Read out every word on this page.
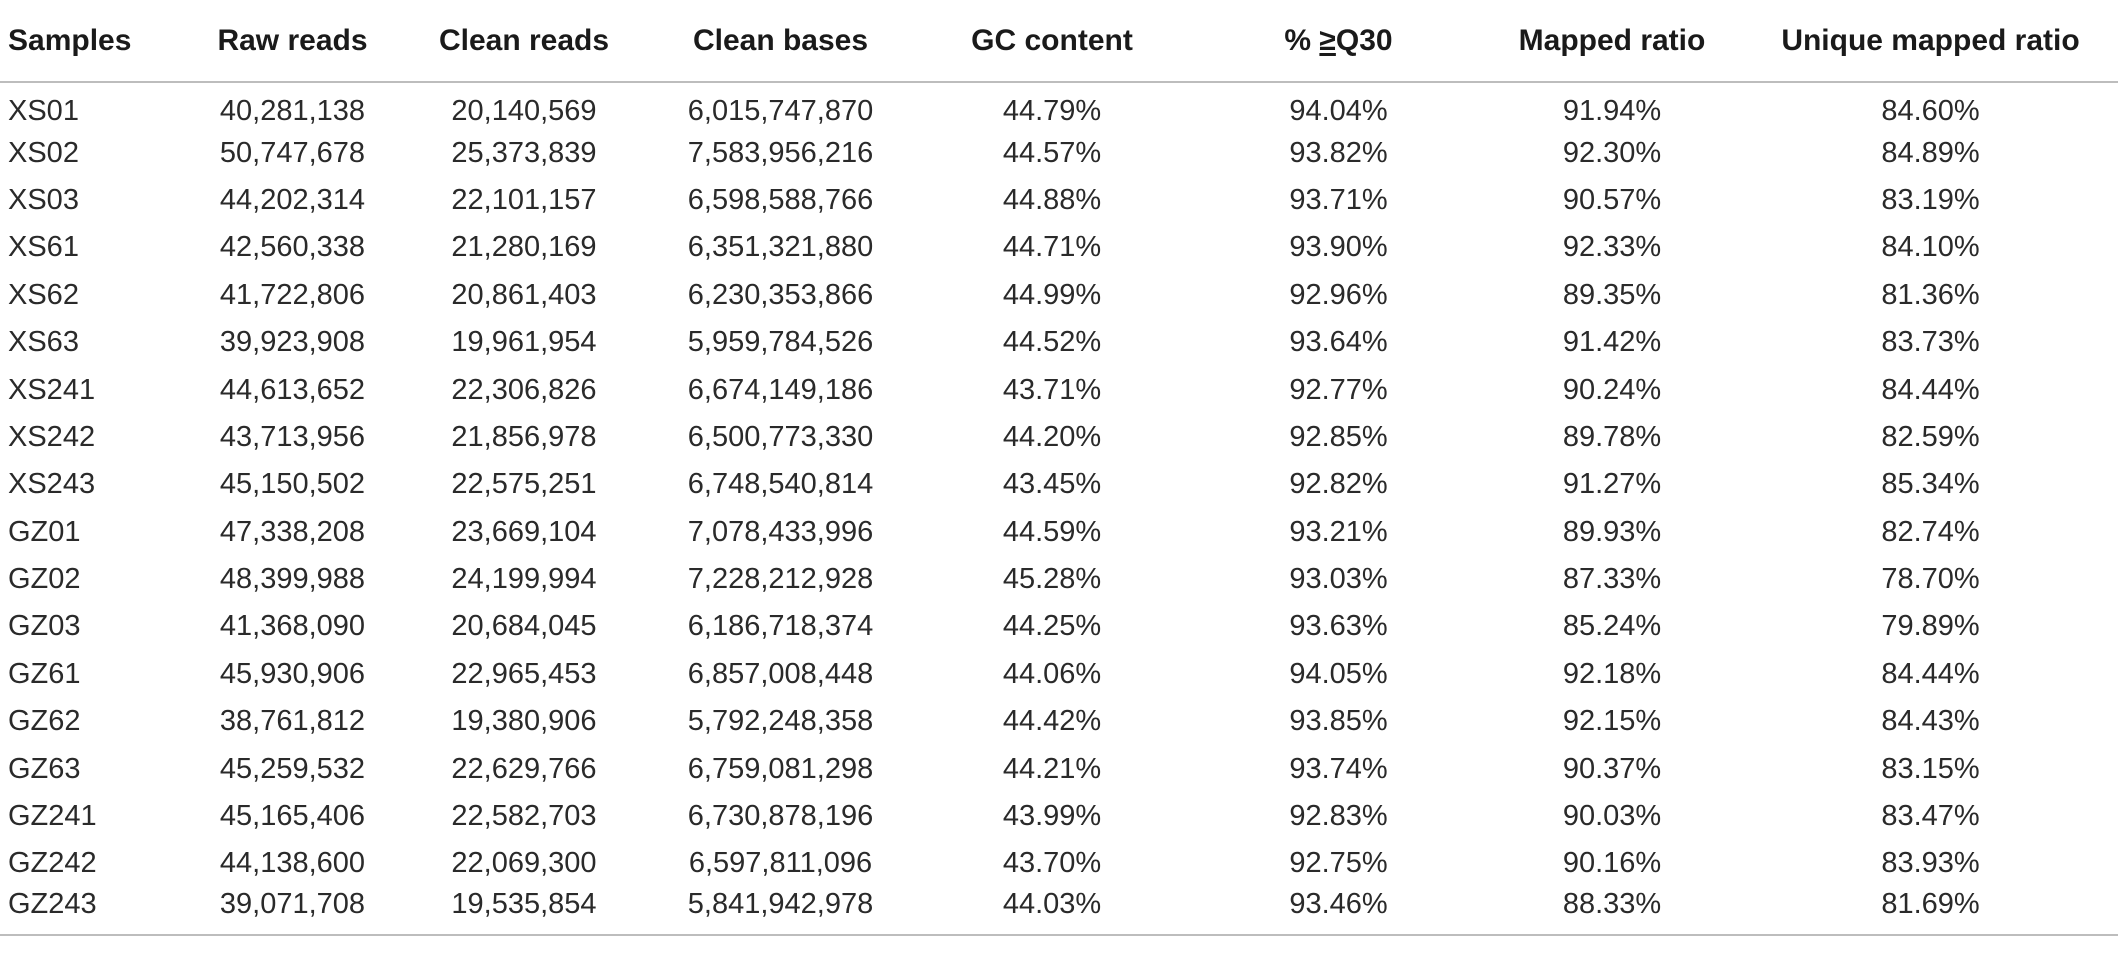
Samples	Raw reads	Clean reads	Clean bases	GC content	% ≥Q30	Mapped ratio	Unique mapped ratio
XS01	40,281,138	20,140,569	6,015,747,870	44.79%	94.04%	91.94%	84.60%
XS02	50,747,678	25,373,839	7,583,956,216	44.57%	93.82%	92.30%	84.89%
XS03	44,202,314	22,101,157	6,598,588,766	44.88%	93.71%	90.57%	83.19%
XS61	42,560,338	21,280,169	6,351,321,880	44.71%	93.90%	92.33%	84.10%
XS62	41,722,806	20,861,403	6,230,353,866	44.99%	92.96%	89.35%	81.36%
XS63	39,923,908	19,961,954	5,959,784,526	44.52%	93.64%	91.42%	83.73%
XS241	44,613,652	22,306,826	6,674,149,186	43.71%	92.77%	90.24%	84.44%
XS242	43,713,956	21,856,978	6,500,773,330	44.20%	92.85%	89.78%	82.59%
XS243	45,150,502	22,575,251	6,748,540,814	43.45%	92.82%	91.27%	85.34%
GZ01	47,338,208	23,669,104	7,078,433,996	44.59%	93.21%	89.93%	82.74%
GZ02	48,399,988	24,199,994	7,228,212,928	45.28%	93.03%	87.33%	78.70%
GZ03	41,368,090	20,684,045	6,186,718,374	44.25%	93.63%	85.24%	79.89%
GZ61	45,930,906	22,965,453	6,857,008,448	44.06%	94.05%	92.18%	84.44%
GZ62	38,761,812	19,380,906	5,792,248,358	44.42%	93.85%	92.15%	84.43%
GZ63	45,259,532	22,629,766	6,759,081,298	44.21%	93.74%	90.37%	83.15%
GZ241	45,165,406	22,582,703	6,730,878,196	43.99%	92.83%	90.03%	83.47%
GZ242	44,138,600	22,069,300	6,597,811,096	43.70%	92.75%	90.16%	83.93%
GZ243	39,071,708	19,535,854	5,841,942,978	44.03%	93.46%	88.33%	81.69%
